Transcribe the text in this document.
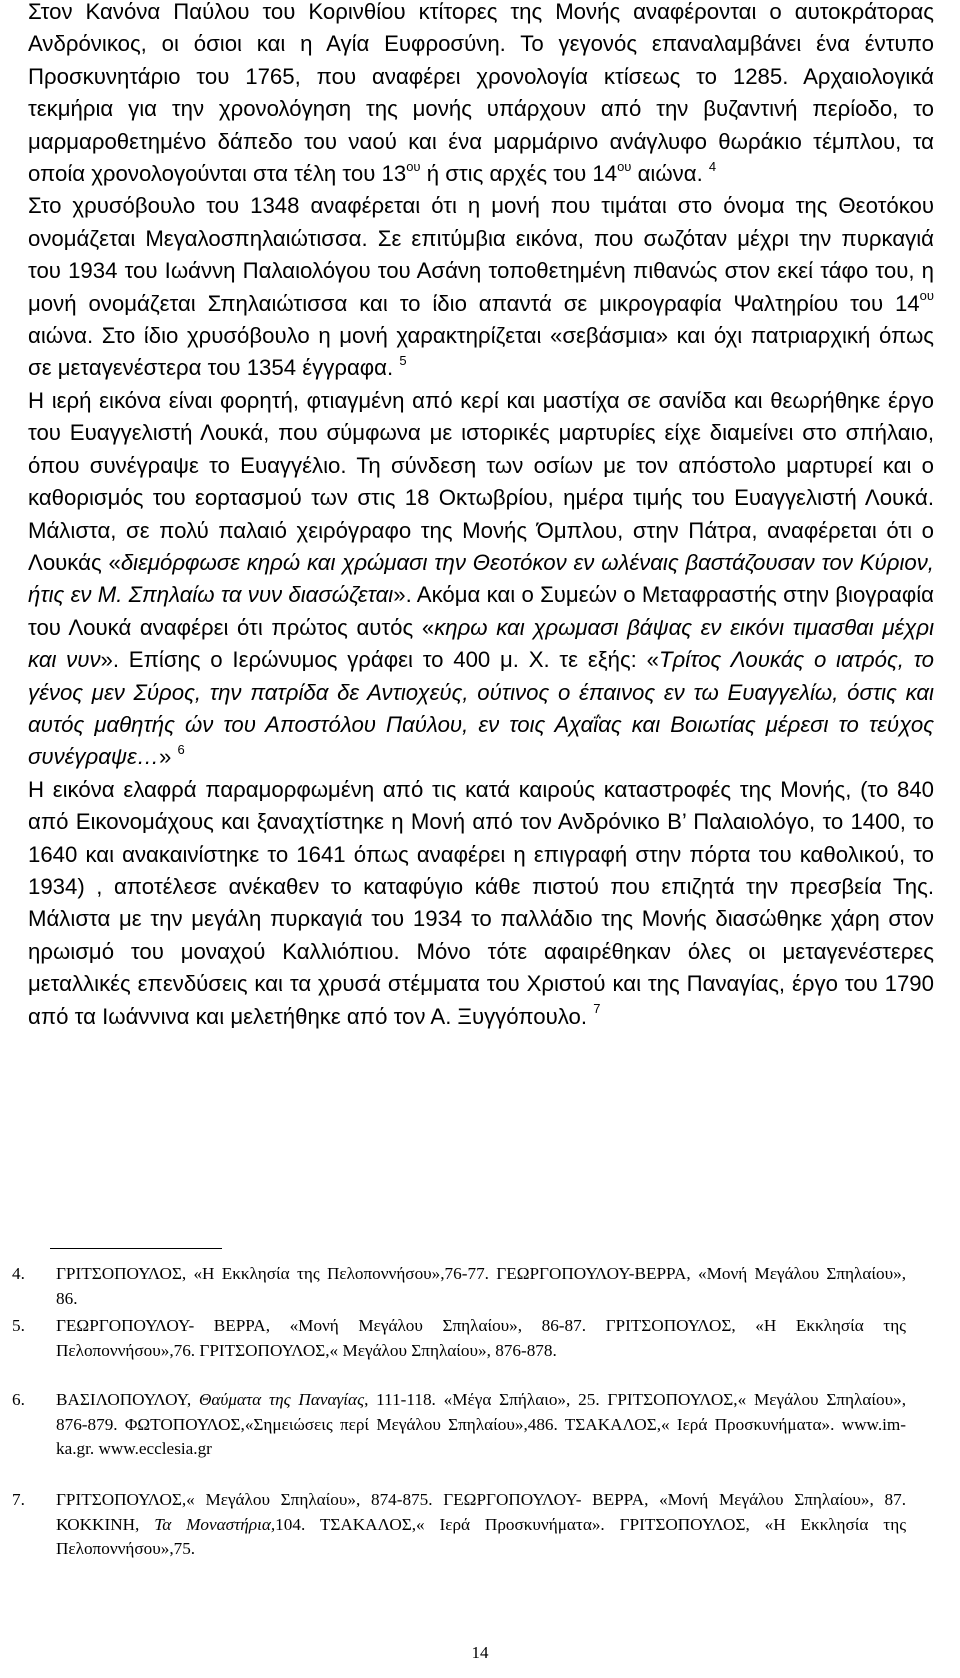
Στον Κανόνα Παύλου του Κορινθίου κτίτορες της Μονής αναφέρονται ο αυτοκράτορας Ανδρόνικος, οι όσιοι και η Αγία Ευφροσύνη. Το γεγονός επαναλαμβάνει ένα έντυπο Προσκυνητάριο του 1765, που αναφέρει χρονολογία κτίσεως το 1285. Αρχαιολογικά τεκμήρια για την χρονολόγηση της μονής υπάρχουν από την βυζαντινή περίοδο, το μαρμαροθετημένο δάπεδο του ναού και ένα μαρμάρινο ανάγλυφο θωράκιο τέμπλου, τα οποία χρονολογούνται στα τέλη του $13^{o\upsilon}$ ή στις αρχές του $14^{o\upsilon}$ αιώνα. $^4$

Στο χρυσόβουλο του 1348 αναφέρεται ότι η μονή που τιμάται στο όνομα της Θεοτόκου ονομάζεται Μεγαλοσπηλαιώτισσα. Σε επιτύμβια εικόνα, που σωζόταν μέχρι την πυρκαγιά του 1934 του Ιωάννη Παλαιολόγου του Ασάνη τοποθετημένη πιθανώς στον εκεί τάφο του, η μονή ονομάζεται Σπηλαιώτισσα και το ίδιο απαντά σε μικρογραφία Ψαλτηρίου του $14^{o\upsilon}$ αιώνα. Στο ίδιο χρυσόβουλο η μονή χαρακτηρίζεται «σεβάσμια» και όχι πατριαρχική όπως σε μεταγενέστερα του 1354 έγγραφα. $^5$

Η ιερή εικόνα είναι φορητή, φτιαγμένη από κερί και μαστίχα σε σανίδα και θεωρήθηκε έργο του Ευαγγελιστή Λουκά, που σύμφωνα με ιστορικές μαρτυρίες είχε διαμείνει στο σπήλαιο, όπου συνέγραψε το Ευαγγέλιο. Τη σύνδεση των οσίων με τον απόστολο μαρτυρεί και ο καθορισμός του εορτασμού των στις 18 Οκτωβρίου, ημέρα τιμής του Ευαγγελιστή Λουκά. Μάλιστα, σε πολύ παλαιό χειρόγραφο της Μονής Όμπλου, στην Πάτρα, αναφέρεται ότι ο Λουκάς «διεμόρφωσε κηρώ και χρώμασι την Θεοτόκον εν ωλέναις βαστάζουσαν τον Κύριον, ήτις εν Μ. Σπηλαίω τα νυν διασώζεται». Ακόμα και ο Συμεών ο Μεταφραστής στην βιογραφία του Λουκά αναφέρει ότι πρώτος αυτός «κηρω και χρωμασι βάψας εν εικόνι τιμασθαι μέχρι και νυν». Επίσης ο Ιερώνυμος γράφει το 400 μ. Χ. τε εξής: «Τρίτος Λουκάς ο ιατρός, το γένος μεν Σύρος, την πατρίδα δε Αντιοχεύς, ούτινος ο έπαινος εν τω Ευαγγελίω, όστις και αυτός μαθητής ών του Αποστόλου Παύλου, εν τοις Αχαΐας και Βοιωτίας μέρεσι το τεύχος συνέγραψε…» $^6$

Η εικόνα ελαφρά παραμορφωμένη από τις κατά καιρούς καταστροφές της Μονής, (το 840 από Εικονομάχους και ξαναχτίστηκε η Μονή από τον Ανδρόνικο Β’ Παλαιολόγο, το 1400, το 1640 και ανακαινίστηκε το 1641 όπως αναφέρει η επιγραφή στην πόρτα του καθολικού, το 1934) , αποτέλεσε ανέκαθεν το καταφύγιο κάθε πιστού που επιζητά την πρεσβεία Της. Μάλιστα με την μεγάλη πυρκαγιά του 1934 το παλλάδιο της Μονής διασώθηκε χάρη στον ηρωισμό του μοναχού Καλλιόπιου. Μόνο τότε αφαιρέθηκαν όλες οι μεταγενέστερες μεταλλικές επενδύσεις και τα χρυσά στέμματα του Χριστού και της Παναγίας, έργο του 1790 από τα Ιωάννινα και μελετήθηκε από τον Α. Ξυγγόπουλο. $^7$

4.	ΓΡΙΤΣΟΠΟΥΛΟΣ, «Η Εκκλησία της Πελοποννήσου»,76-77. ΓΕΩΡΓΟΠΟΥΛΟΥ-ΒΕΡΡΑ, «Μονή Μεγάλου Σπηλαίου», 86.
5.	ΓΕΩΡΓΟΠΟΥΛΟΥ- ΒΕΡΡΑ, «Μονή Μεγάλου Σπηλαίου», 86-87. ΓΡΙΤΣΟΠΟΥΛΟΣ, «Η Εκκλησία της Πελοποννήσου»,76. ΓΡΙΤΣΟΠΟΥΛΟΣ,« Μεγάλου Σπηλαίου», 876-878.
6.	ΒΑΣΙΛΟΠΟΥΛΟΥ, Θαύματα της Παναγίας, 111-118. «Μέγα Σπήλαιο», 25. ΓΡΙΤΣΟΠΟΥΛΟΣ,« Μεγάλου Σπηλαίου», 876-879. ΦΩΤΟΠΟΥΛΟΣ,«Σημειώσεις περί Μεγάλου Σπηλαίου»,486. ΤΣΑΚΑΛΟΣ,« Ιερά Προσκυνήματα». www.im-ka.gr. www.ecclesia.gr
7.	ΓΡΙΤΣΟΠΟΥΛΟΣ,« Μεγάλου Σπηλαίου», 874-875. ΓΕΩΡΓΟΠΟΥΛΟΥ- ΒΕΡΡΑ, «Μονή Μεγάλου Σπηλαίου», 87. ΚΟΚΚΙΝΗ, Τα Μοναστήρια,104. ΤΣΑΚΑΛΟΣ,« Ιερά Προσκυνήματα». ΓΡΙΤΣΟΠΟΥΛΟΣ, «Η Εκκλησία της Πελοποννήσου»,75.
14
